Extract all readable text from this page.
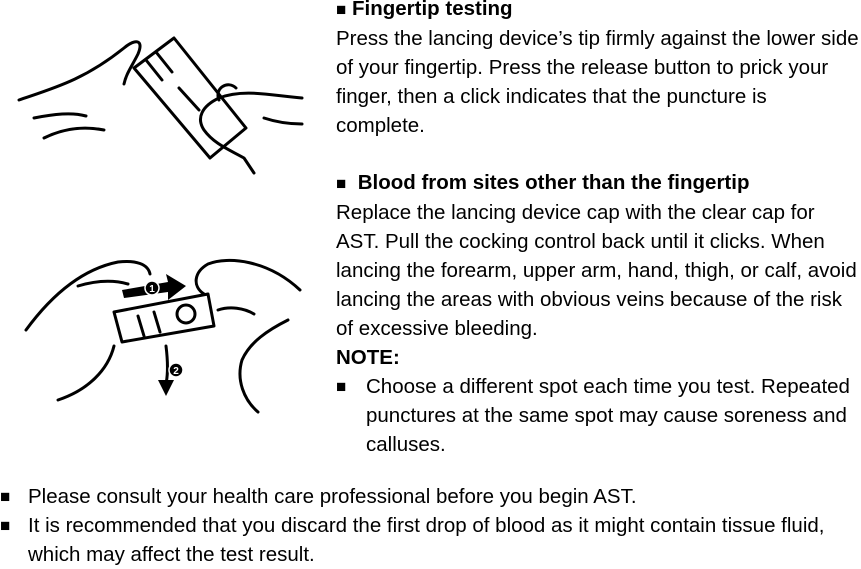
1
2
■ Fingertip testing
Press the lancing device’s tip firmly against the lower side of your fingertip. Press the release button to prick your finger, then a click indicates that the puncture is complete.
■ Blood from sites other than the fingertip
Replace the lancing device cap with the clear cap for AST. Pull the cocking control back until it clicks. When lancing the forearm, upper arm, hand, thigh, or calf, avoid lancing the areas with obvious veins because of the risk of excessive bleeding.
NOTE:
■ Choose a different spot each time you test. Repeated punctures at the same spot may cause soreness and calluses.
■ Please consult your health care professional before you begin AST.
■ It is recommended that you discard the first drop of blood as it might contain tissue fluid, which may affect the test result.
